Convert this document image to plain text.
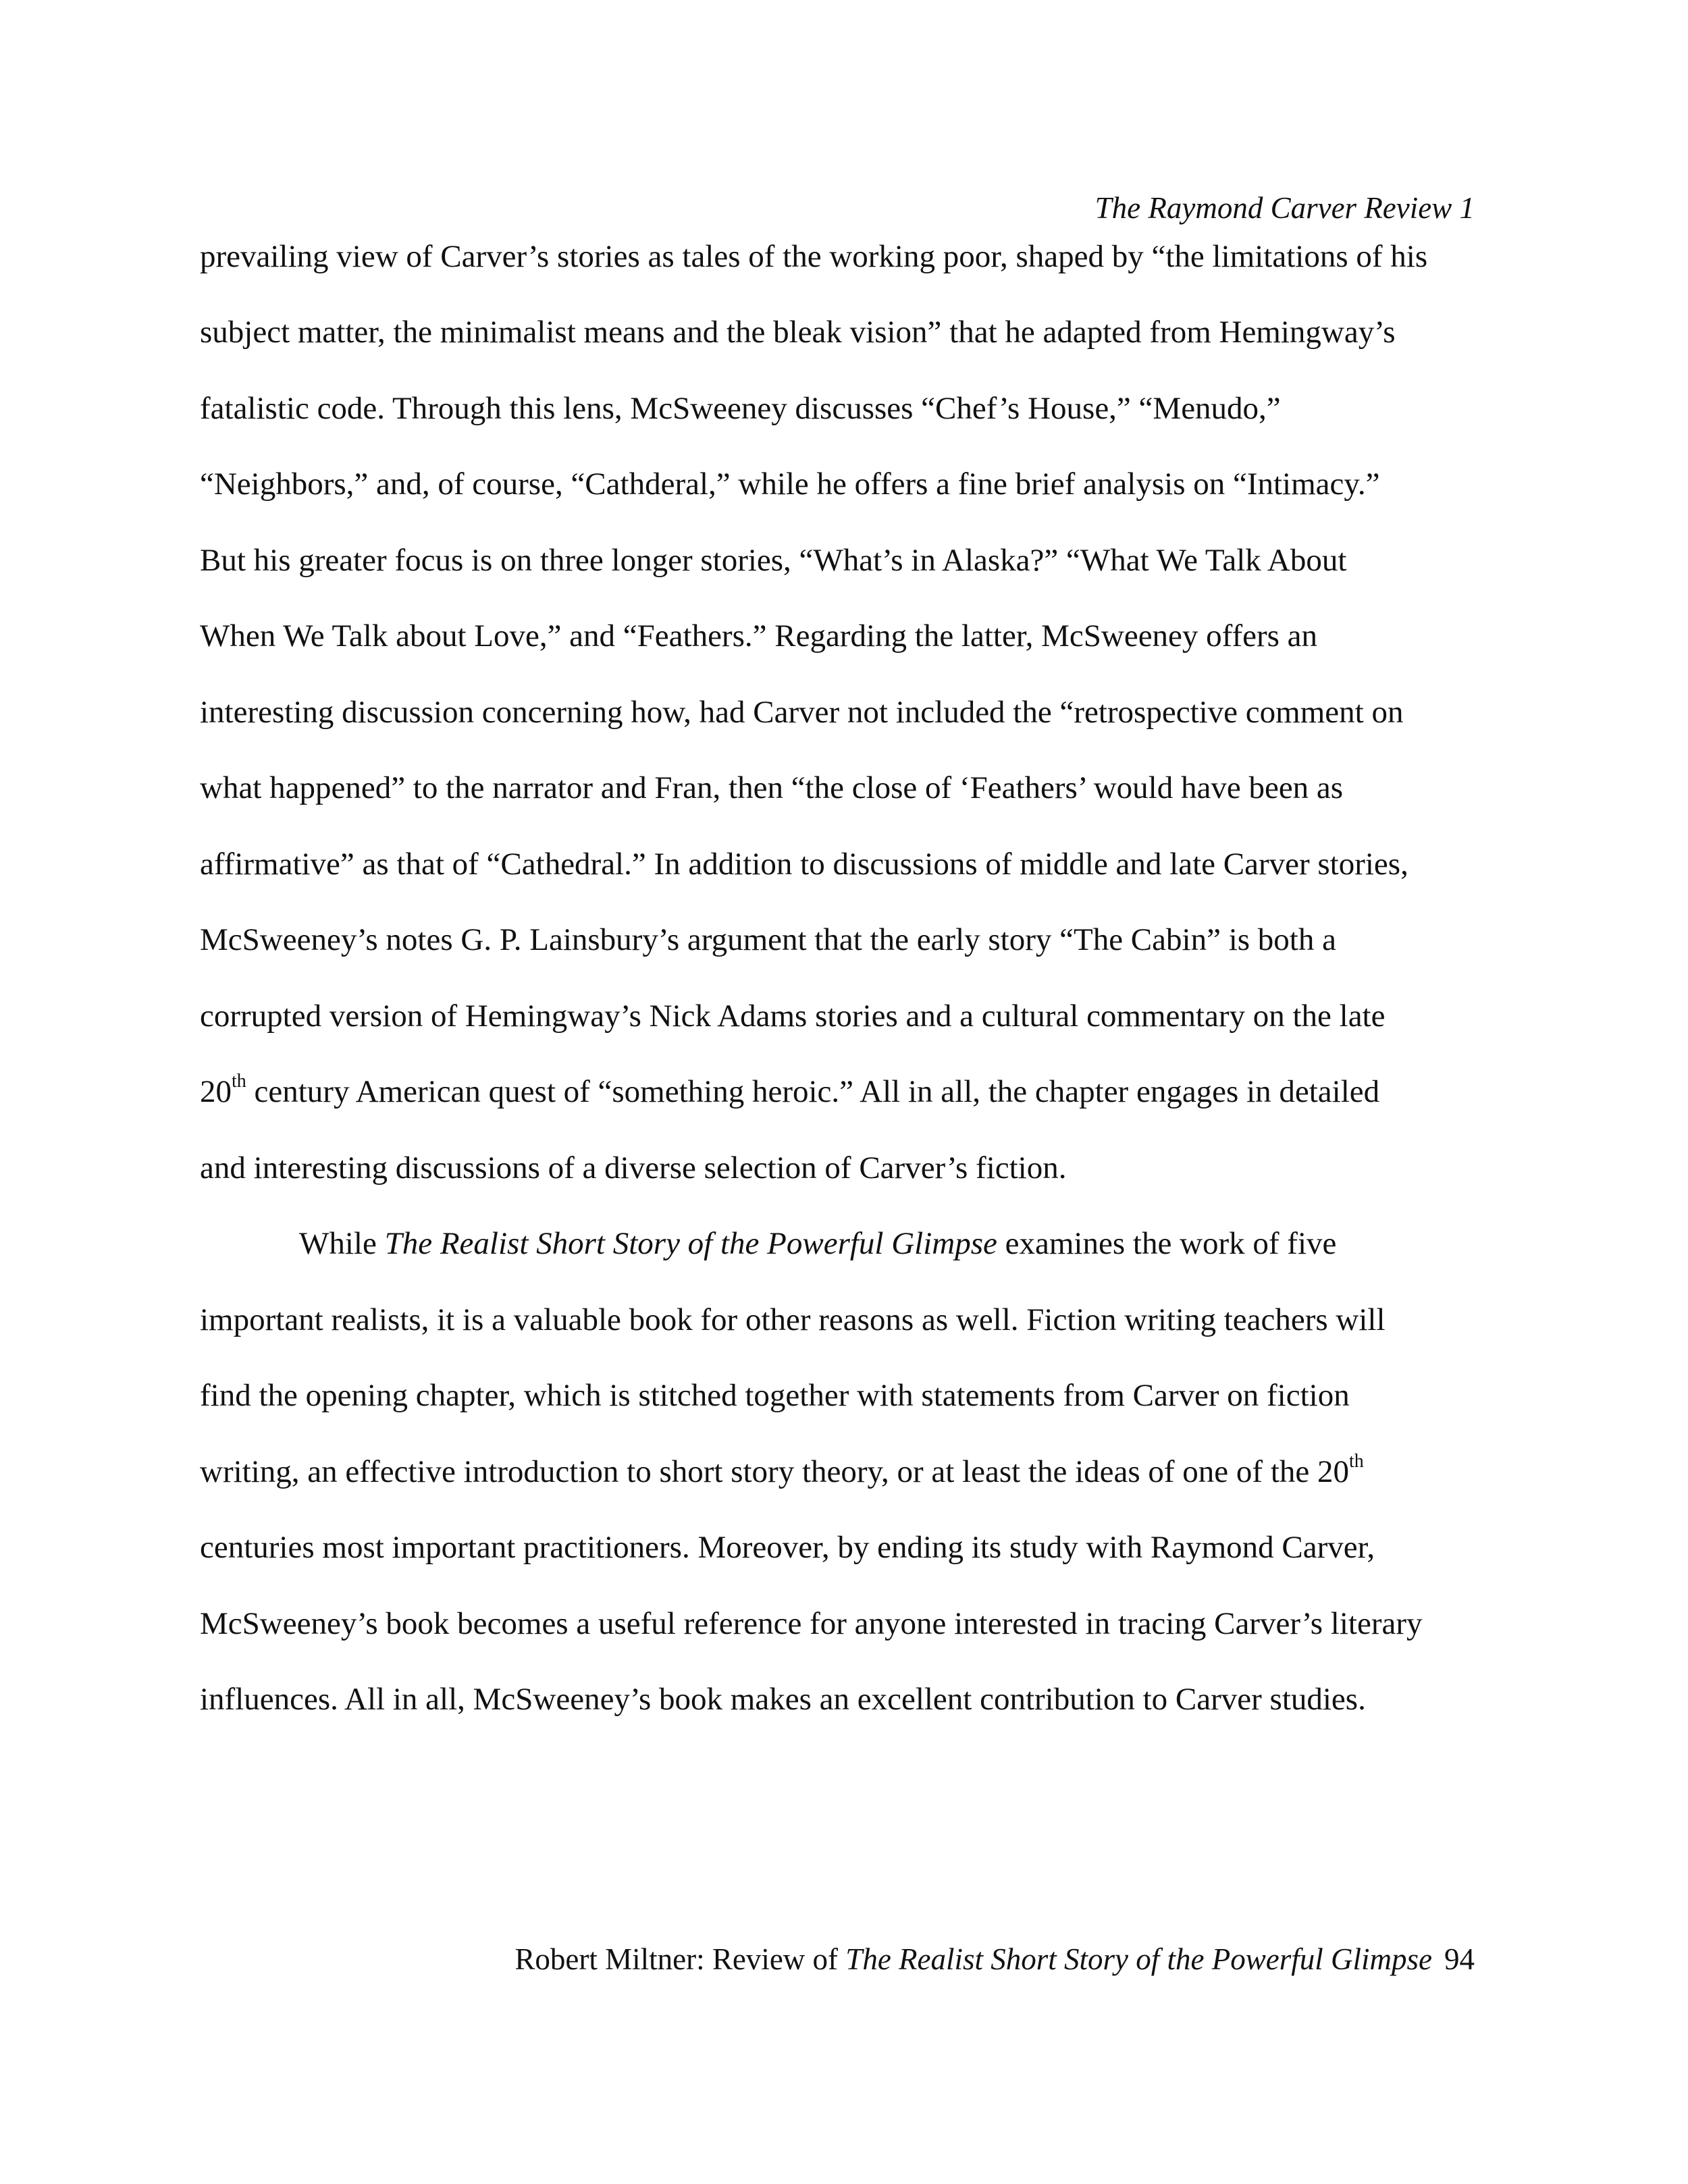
The Raymond Carver Review 1
prevailing view of Carver’s stories as tales of the working poor, shaped by “the limitations of his
subject matter, the minimalist means and the bleak vision” that he adapted from Hemingway’s
fatalistic code. Through this lens, McSweeney discusses “Chef’s House,” “Menudo,”
“Neighbors,” and, of course, “Cathderal,” while he offers a fine brief analysis on “Intimacy.”
But his greater focus is on three longer stories, “What’s in Alaska?” “What We Talk About
When We Talk about Love,” and “Feathers.” Regarding the latter, McSweeney offers an
interesting discussion concerning how, had Carver not included the “retrospective comment on
what happened” to the narrator and Fran, then “the close of ‘Feathers’ would have been as
affirmative” as that of “Cathedral.” In addition to discussions of middle and late Carver stories,
McSweeney’s notes G. P. Lainsbury’s argument that the early story “The Cabin” is both a
corrupted version of Hemingway’s Nick Adams stories and a cultural commentary on the late
20th century American quest of “something heroic.” All in all, the chapter engages in detailed
and interesting discussions of a diverse selection of Carver’s fiction.
While The Realist Short Story of the Powerful Glimpse examines the work of five
important realists, it is a valuable book for other reasons as well. Fiction writing teachers will
find the opening chapter, which is stitched together with statements from Carver on fiction
writing, an effective introduction to short story theory, or at least the ideas of one of the 20th
centuries most important practitioners. Moreover, by ending its study with Raymond Carver,
McSweeney’s book becomes a useful reference for anyone interested in tracing Carver’s literary
influences. All in all, McSweeney’s book makes an excellent contribution to Carver studies.
Robert Miltner: Review of The Realist Short Story of the Powerful Glimpse 94
